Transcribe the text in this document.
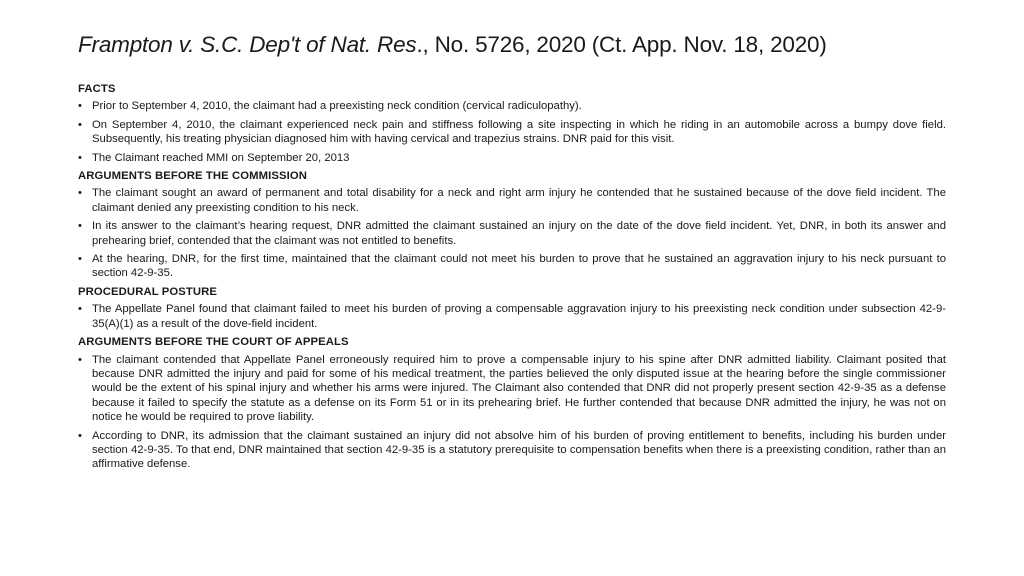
Frampton v. S.C. Dep't of Nat. Res., No. 5726, 2020 (Ct. App. Nov. 18, 2020)
FACTS
• Prior to September 4, 2010, the claimant had a preexisting neck condition (cervical radiculopathy).
• On September 4, 2010, the claimant experienced neck pain and stiffness following a site inspecting in which he riding in an automobile across a bumpy dove field. Subsequently, his treating physician diagnosed him with having cervical and trapezius strains. DNR paid for this visit.
• The Claimant reached MMI on September 20, 2013
ARGUMENTS BEFORE THE COMMISSION
• The claimant sought an award of permanent and total disability for a neck and right arm injury he contended that he sustained because of the dove field incident. The claimant denied any preexisting condition to his neck.
• In its answer to the claimant’s hearing request, DNR admitted the claimant sustained an injury on the date of the dove field incident. Yet, DNR, in both its answer and prehearing brief, contended that the claimant was not entitled to benefits.
• At the hearing, DNR, for the first time, maintained that the claimant could not meet his burden to prove that he sustained an aggravation injury to his neck pursuant to section 42-9-35.
PROCEDURAL POSTURE
• The Appellate Panel found that claimant failed to meet his burden of proving a compensable aggravation injury to his preexisting neck condition under subsection 42-9-35(A)(1) as a result of the dove-field incident.
ARGUMENTS BEFORE THE COURT OF APPEALS
• The claimant contended that Appellate Panel erroneously required him to prove a compensable injury to his spine after DNR admitted liability. Claimant posited that because DNR admitted the injury and paid for some of his medical treatment, the parties believed the only disputed issue at the hearing before the single commissioner would be the extent of his spinal injury and whether his arms were injured. The Claimant also contended that DNR did not properly present section 42-9-35 as a defense because it failed to specify the statute as a defense on its Form 51 or in its prehearing brief. He further contended that because DNR admitted the injury, he was not on notice he would be required to prove liability.
• According to DNR, its admission that the claimant sustained an injury did not absolve him of his burden of proving entitlement to benefits, including his burden under section 42-9-35. To that end, DNR maintained that section 42-9-35 is a statutory prerequisite to compensation benefits when there is a preexisting condition, rather than an affirmative defense.
